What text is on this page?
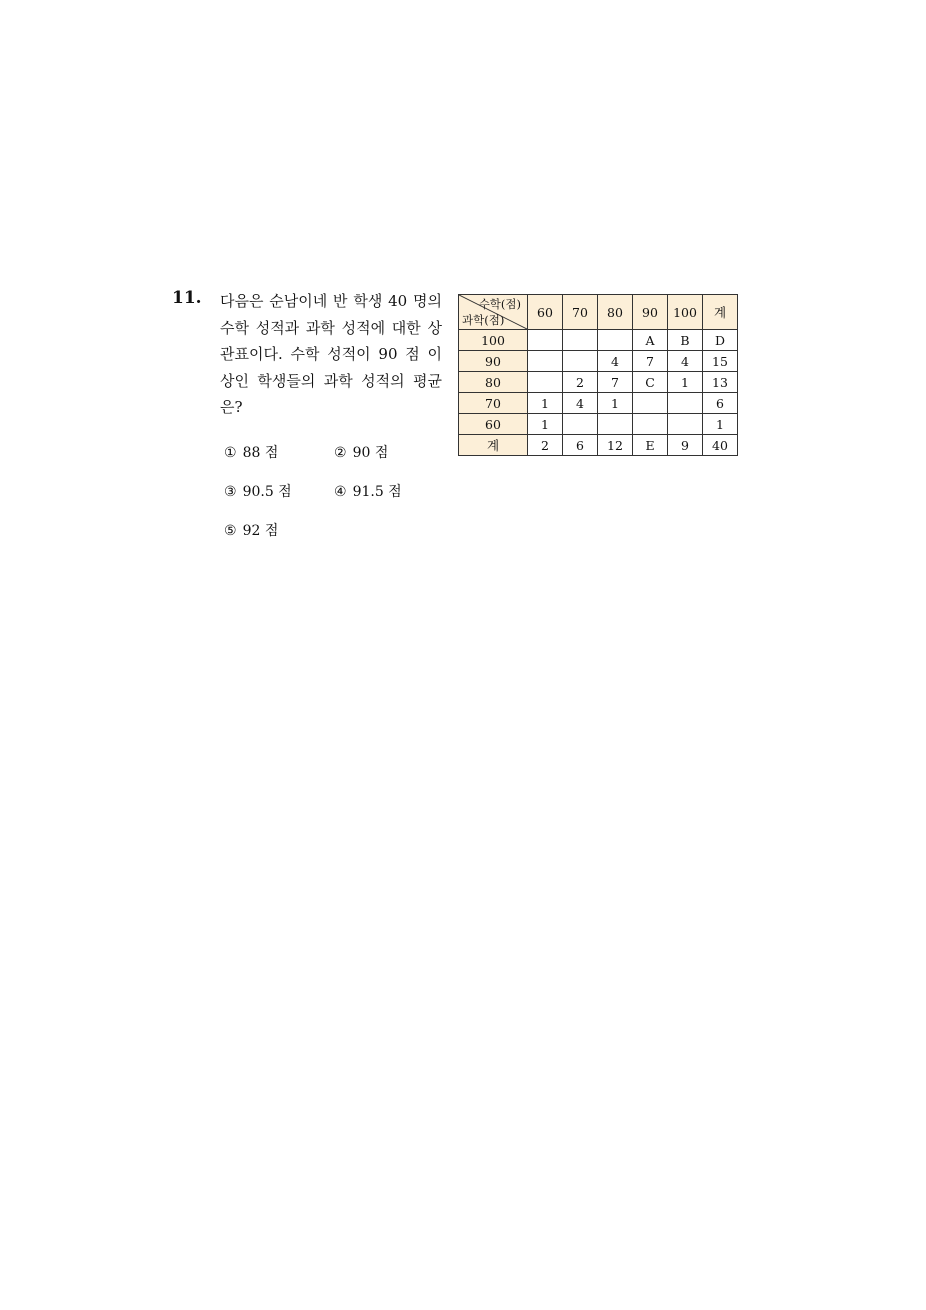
11. 다음은 순남이네 반 학생 40 명의
수학 성적과 과학 성적에 대한 상
관표이다. 수학 성적이 90 점 이
상인 학생들의 과학 성적의 평균
은?
① 88 점	② 90 점
③ 90.5 점	④ 91.5 점
⑤ 92 점
수학(점)
과학(점)	60	70	80	90	100	계
100				A	B	D
90			4	7	4	15
80		2	7	C	1	13
70	1	4	1			6
60	1					1
계	2	6	12	E	9	40
